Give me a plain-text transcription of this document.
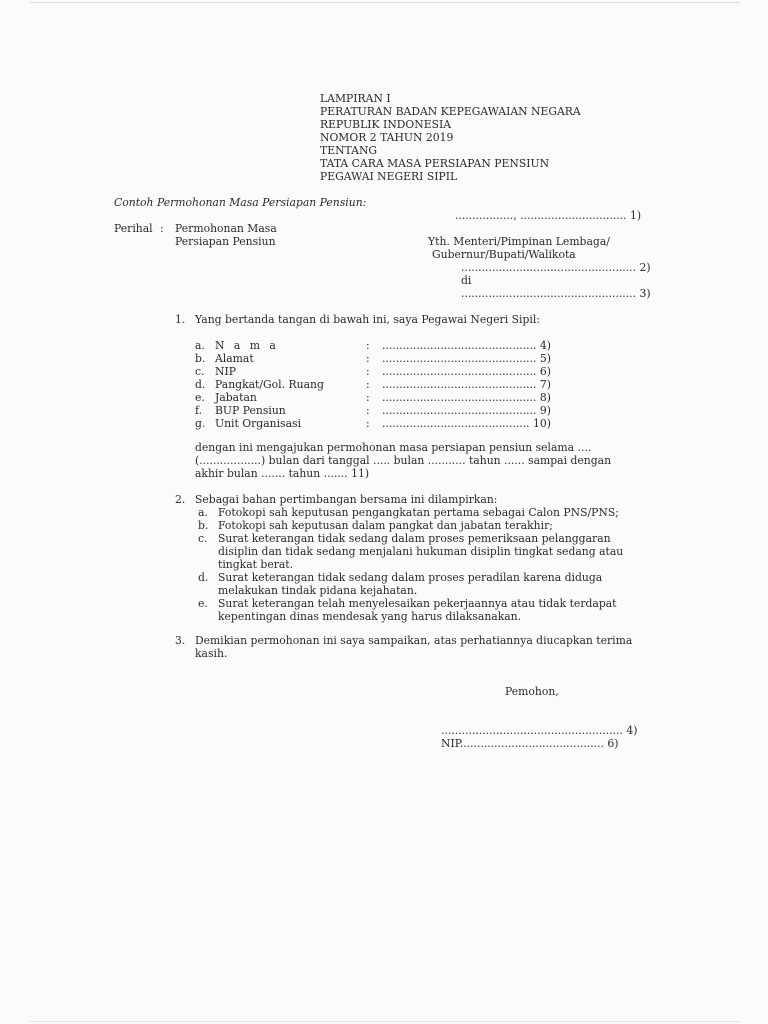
LAMPIRAN I
PERATURAN BADAN KEPEGAWAIAN NEGARA
REPUBLIK INDONESIA
NOMOR 2 TAHUN 2019
TENTANG
TATA CARA MASA PERSIAPAN PENSIUN
PEGAWAI NEGERI SIPIL
Contoh Permohonan Masa Persiapan Pensiun:
................., ............................... 1)
Perihal : Permohonan Masa
Persiapan Pensiun	Yth. Menteri/Pimpinan Lembaga/
Gubernur/Bupati/Walikota
................................................... 2)
di
................................................... 3)
1. Yang bertanda tangan di bawah ini, saya Pegawai Negeri Sipil:
a. N a m a	: ............................................. 4)
b. Alamat	: ............................................. 5)
c. NIP	: ............................................. 6)
d. Pangkat/Gol. Ruang	: ............................................. 7)
e. Jabatan	: ............................................. 8)
f. BUP Pensiun	: ............................................. 9)
g. Unit Organisasi	: ........................................... 10)
dengan ini mengajukan permohonan masa persiapan pensiun selama ....
(..................) bulan dari tanggal ..... bulan ........... tahun ...... sampai dengan
akhir bulan ....... tahun ....... 11)
2. Sebagai bahan pertimbangan bersama ini dilampirkan:
a. Fotokopi sah keputusan pengangkatan pertama sebagai Calon PNS/PNS;
b. Fotokopi sah keputusan dalam pangkat dan jabatan terakhir;
c. Surat keterangan tidak sedang dalam proses pemeriksaan pelanggaran
disiplin dan tidak sedang menjalani hukuman disiplin tingkat sedang atau
tingkat berat.
d. Surat keterangan tidak sedang dalam proses peradilan karena diduga
melakukan tindak pidana kejahatan.
e. Surat keterangan telah menyelesaikan pekerjaannya atau tidak terdapat
kepentingan dinas mendesak yang harus dilaksanakan.
3. Demikian permohonan ini saya sampaikan, atas perhatiannya diucapkan terima
kasih.
Pemohon,
..................................................... 4)
NIP.......................................... 6)
